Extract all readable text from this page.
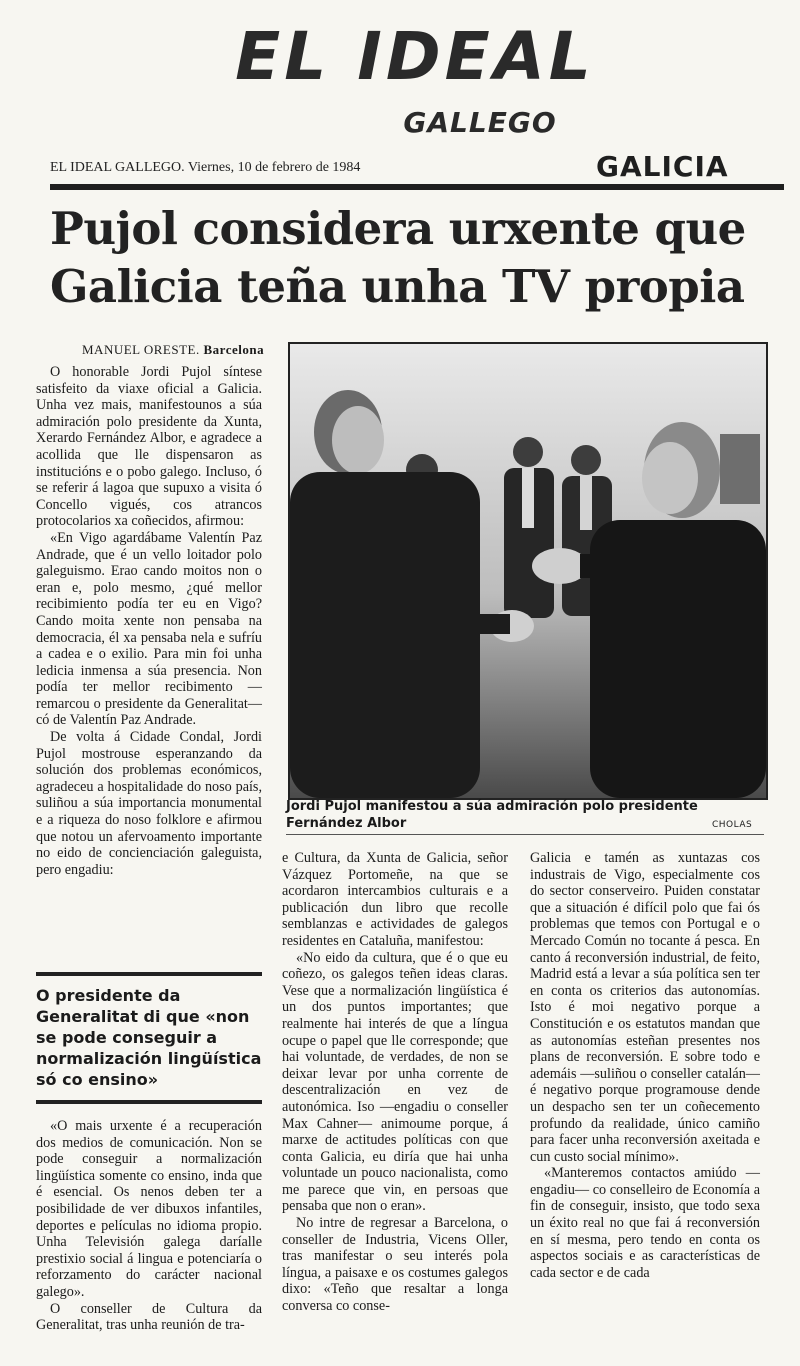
EL IDEAL
GALLEGO
EL IDEAL GALLEGO. Viernes, 10 de febrero de 1984	GALICIA
Pujol considera urxente que Galicia teña unha TV propia
MANUEL ORESTE. Barcelona

O honorable Jordi Pujol síntese satisfeito da viaxe oficial a Galicia. Unha vez mais, manifestounos a súa admiración polo presidente da Xunta, Xerardo Fernández Albor, e agradece a acollida que lle dispensaron as institucións e o pobo galego. Incluso, ó se referir á lagoa que supuxo a visita ó Concello vigués, cos atrancos protocolarios xa coñecidos, afirmou:

«En Vigo agardábame Valentín Paz Andrade, que é un vello loitador polo galeguismo. Erao cando moitos non o eran e, polo mesmo, ¿qué mellor recibimiento podía ter eu en Vigo? Cando moita xente non pensaba na democracia, él xa pensaba nela e sufríu a cadea e o exilio. Para min foi unha ledicia inmensa a súa presencia. Non podía ter mellor recibimento —remarcou o presidente da Generalitat— có de Valentín Paz Andrade.

De volta á Cidade Condal, Jordi Pujol mostrouse esperanzando da solución dos problemas económicos, agradeceu a hospitalidade do noso país, suliñou a súa importancia monumental e a riqueza do noso folklore e afirmou que notou un afervoamento importante no eido de concienciación galeguista, pero engadiu:

O presidente da Generalitat di que «non se pode conseguir a normalización lingüística só co ensino»

«O mais urxente é a recuperación dos medios de comunicación. Non se pode conseguir a normalización lingüística somente co ensino, inda que é esencial. Os nenos deben ter a posibilidade de ver dibuxos infantiles, deportes e películas no idioma propio. Unha Televisión galega daríalle prestixio social á lingua e potenciaría o reforzamento do carácter nacional galego».

O conseller de Cultura da Generalitat, tras unha reunión de tra-

Jordi Pujol manifestou a súa admiración polo presidente Fernández Albor	CHOLAS

e Cultura, da Xunta de Galicia, señor Vázquez Portomeñe, na que se acordaron intercambios culturais e a publicación dun libro que recolle semblanzas e actividades de galegos residentes en Cataluña, manifestou:

«No eido da cultura, que é o que eu coñezo, os galegos teñen ideas claras. Vese que a normalización lingüística é un dos puntos importantes; que realmente hai interés de que a língua ocupe o papel que lle corresponde; que hai voluntade, de verdades, de non se deixar levar por unha corrente de descentralización en vez de autonómica. Iso —engadiu o conseller Max Cahner— animoume porque, á marxe de actitudes políticas con que conta Galicia, eu diría que hai unha voluntade un pouco nacionalista, como me parece que vin, en persoas que pensaba que non o eran».

No intre de regresar a Barcelona, o conseller de Industria, Vicens Oller, tras manifestar o seu interés pola língua, a paisaxe e os costumes galegos dixo: «Teño que resaltar a longa conversa co conse-

Galicia e tamén as xuntazas cos industrais de Vigo, especialmente cos do sector conserveiro. Puiden constatar que a situación é difícil polo que fai ós problemas que temos con Portugal e o Mercado Común no tocante á pesca. En canto á reconversión industrial, de feito, Madrid está a levar a súa política sen ter en conta os criterios das autonomías. Isto é moi negativo porque a Constitución e os estatutos mandan que as autonomías esteñan presentes nos plans de reconversión. E sobre todo e ademáis —suliñou o conseller catalán— é negativo porque programouse dende un despacho sen ter un coñecemento profundo da realidade, único camiño para facer unha reconversión axeitada e cun custo social mínimo».

«Manteremos contactos amiúdo —engadiu— co conselleiro de Economía a fin de conseguir, insisto, que todo sexa un éxito real no que fai á reconversión en sí mesma, pero tendo en conta os aspectos sociais e as características de cada sector e de cada
